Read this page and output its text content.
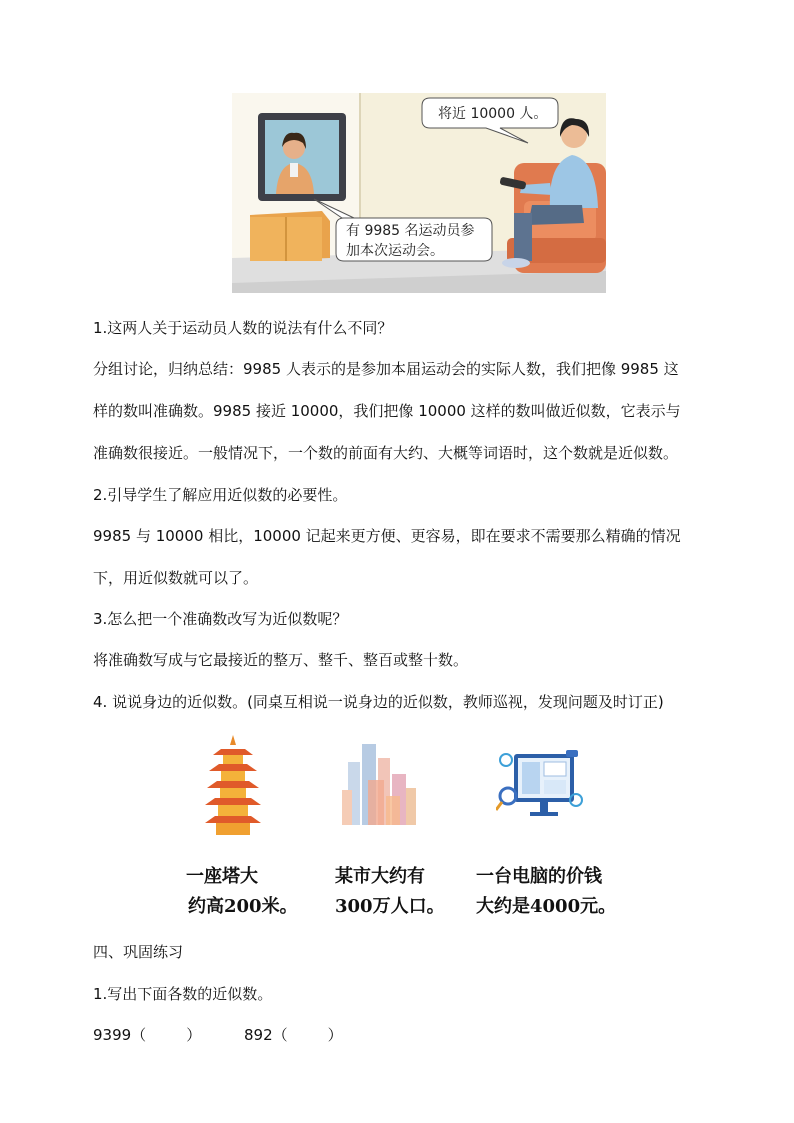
将近 10000 人。
有 9985 名运动员参
加本次运动会。
1.这两人关于运动员人数的说法有什么不同？
分组讨论，归纳总结：9985 人表示的是参加本届运动会的实际人数，我们把像 9985 这
样的数叫准确数。9985 接近 10000，我们把像 10000 这样的数叫做近似数，它表示与
准确数很接近。一般情况下，一个数的前面有大约、大概等词语时，这个数就是近似数。
2.引导学生了解应用近似数的必要性。
9985 与 10000 相比，10000 记起来更方便、更容易，即在要求不需要那么精确的情况
下，用近似数就可以了。
3.怎么把一个准确数改写为近似数呢？
将准确数写成与它最接近的整万、整千、整百或整十数。
4. 说说身边的近似数。(同桌互相说一说身边的近似数，教师巡视，发现问题及时订正)
一座塔大
约高200米。
某市大约有
300万人口。
一台电脑的价钱
大约是4000元。
四、巩固练习
1.写出下面各数的近似数。
9399（	）	892（	）
